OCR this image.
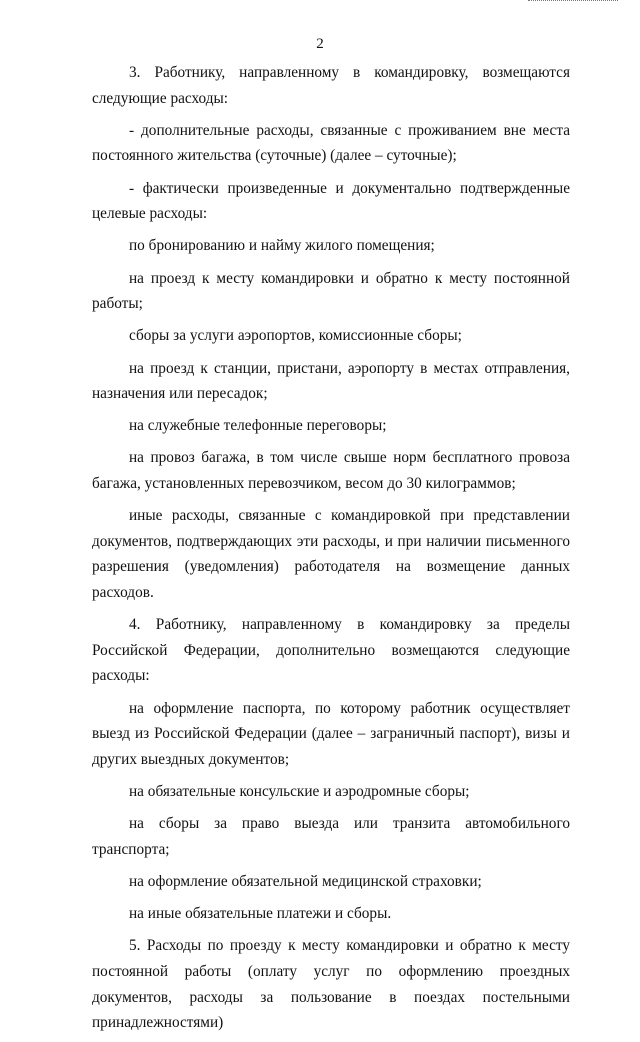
2

3. Работнику, направленному в командировку, возмещаются следующие расходы:

- дополнительные расходы, связанные с проживанием вне места постоянного жительства (суточные) (далее – суточные);

- фактически произведенные и документально подтвержденные целевые расходы:

по бронированию и найму жилого помещения;

на проезд к месту командировки и обратно к месту постоянной работы;

сборы за услуги аэропортов, комиссионные сборы;

на проезд к станции, пристани, аэропорту в местах отправления, назначения или пересадок;

на служебные телефонные переговоры;

на провоз багажа, в том числе свыше норм бесплатного провоза багажа, установленных перевозчиком, весом до 30 килограммов;

иные расходы, связанные с командировкой при представлении документов, подтверждающих эти расходы, и при наличии письменного разрешения (уведомления) работодателя на возмещение данных расходов.

4. Работнику, направленному в командировку за пределы Российской Федерации, дополнительно возмещаются следующие расходы:

на оформление паспорта, по которому работник осуществляет выезд из Российской Федерации (далее – заграничный паспорт), визы и других выездных документов;

на обязательные консульские и аэродромные сборы;

на сборы за право выезда или транзита автомобильного транспорта;

на оформление обязательной медицинской страховки;

на иные обязательные платежи и сборы.

5. Расходы по проезду к месту командировки и обратно к месту постоянной работы (оплату услуг по оформлению проездных документов, расходы за пользование в поездах постельными принадлежностями)
